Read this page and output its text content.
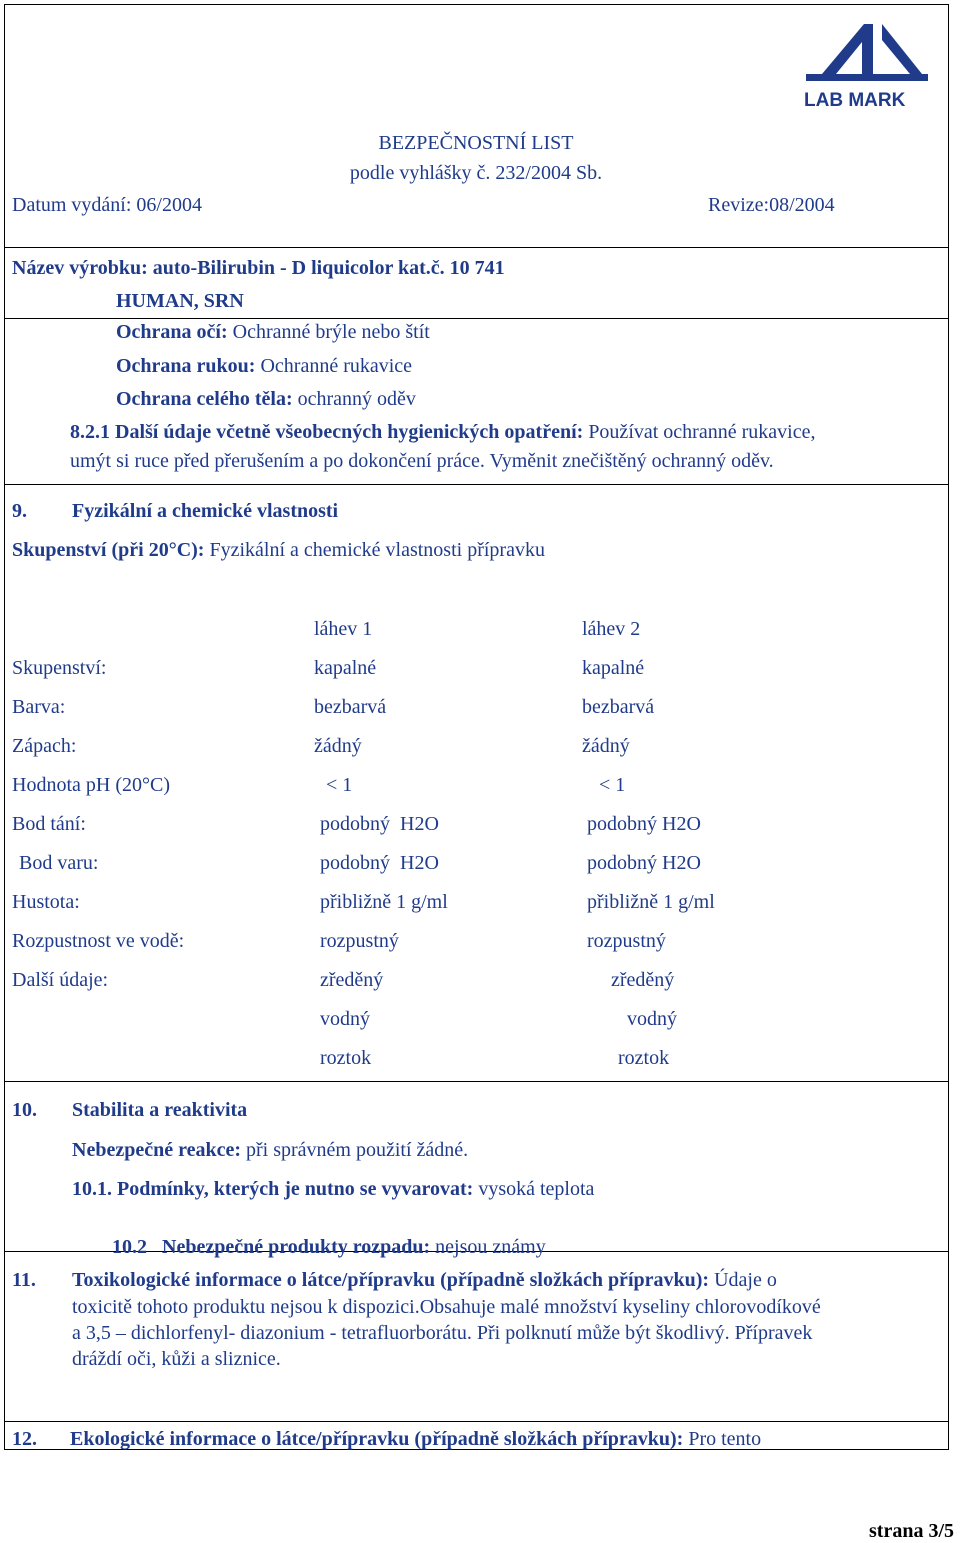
LAB MARK
BEZPEČNOSTNÍ LIST
podle vyhlášky č. 232/2004 Sb.
Datum vydání: 06/2004	Revize:08/2004
Název výrobku: auto-Bilirubin - D liquicolor kat.č. 10 741
HUMAN, SRN
Ochrana očí: Ochranné brýle nebo štít
Ochrana rukou: Ochranné rukavice
Ochrana celého těla: ochranný oděv
8.2.1 Další údaje včetně všeobecných hygienických opatření: Používat ochranné rukavice,
umýt si ruce před přerušením a po dokončení práce. Vyměnit znečištěný ochranný oděv.
9. Fyzikální a chemické vlastnosti
Skupenství (při 20°C): Fyzikální a chemické vlastnosti přípravku
láhev 1	láhev 2
Skupenství:	kapalné	kapalné
Barva:	bezbarvá	bezbarvá
Zápach:	žádný	žádný
Hodnota pH (20°C)	< 1	< 1
Bod tání:	podobný  H2O	podobný H2O
Bod varu:	podobný  H2O	podobný H2O
Hustota:	přibližně 1 g/ml	přibližně 1 g/ml
Rozpustnost ve vodě:	rozpustný	rozpustný
Další údaje:	zředěný	zředěný
vodný	vodný
roztok	roztok
10. Stabilita a reaktivita
Nebezpečné reakce: při správném použití žádné.
10.1. Podmínky, kterých je nutno se vyvarovat: vysoká teplota

10.2   Nebezpečné produkty rozpadu: nejsou známy

11. Toxikologické informace o látce/přípravku (případně složkách přípravku): Údaje o
toxicitě tohoto produktu nejsou k dispozici.Obsahuje malé množství kyseliny chlorovodíkové
a 3,5 – dichlorfenyl- diazonium - tetrafluorborátu. Při polknutí může být škodlivý. Přípravek
dráždí oči, kůži a sliznice.
12. Ekologické informace o látce/přípravku (případně složkách přípravku): Pro tento
strana 3/5
